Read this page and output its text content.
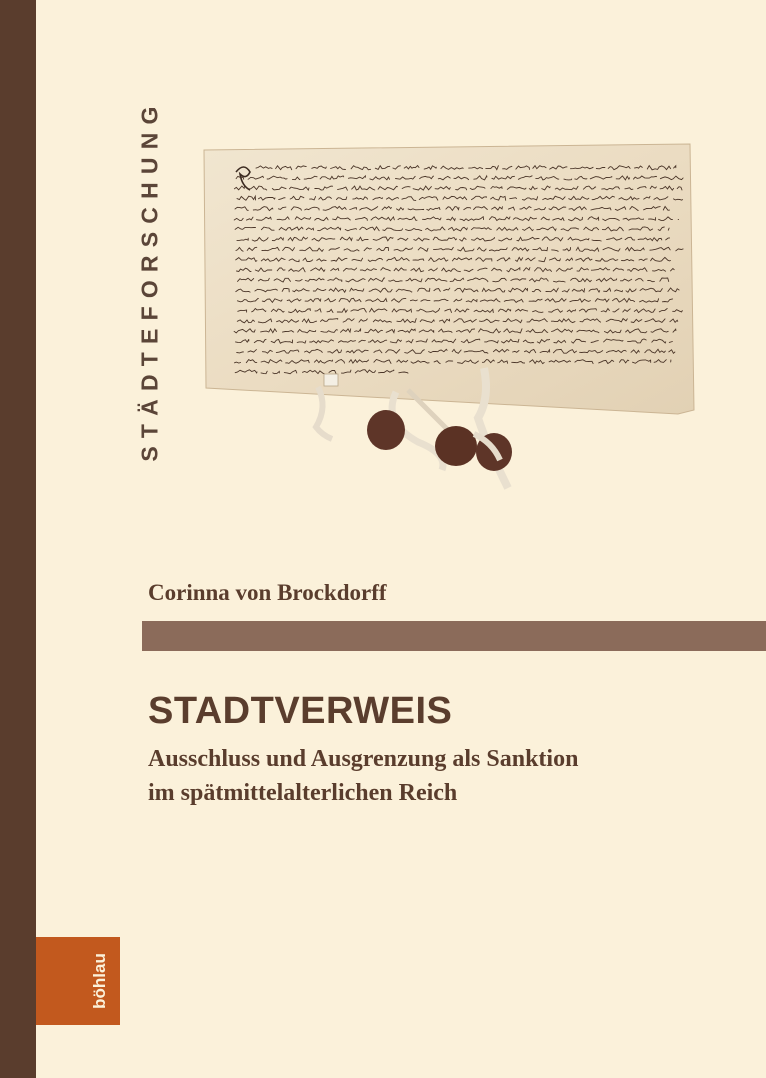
STÄDTEFORSCHUNG
Corinna von Brockdorff
STADTVERWEIS
Ausschluss und Ausgrenzung als Sanktion
im spätmittelalterlichen Reich
böhlau
